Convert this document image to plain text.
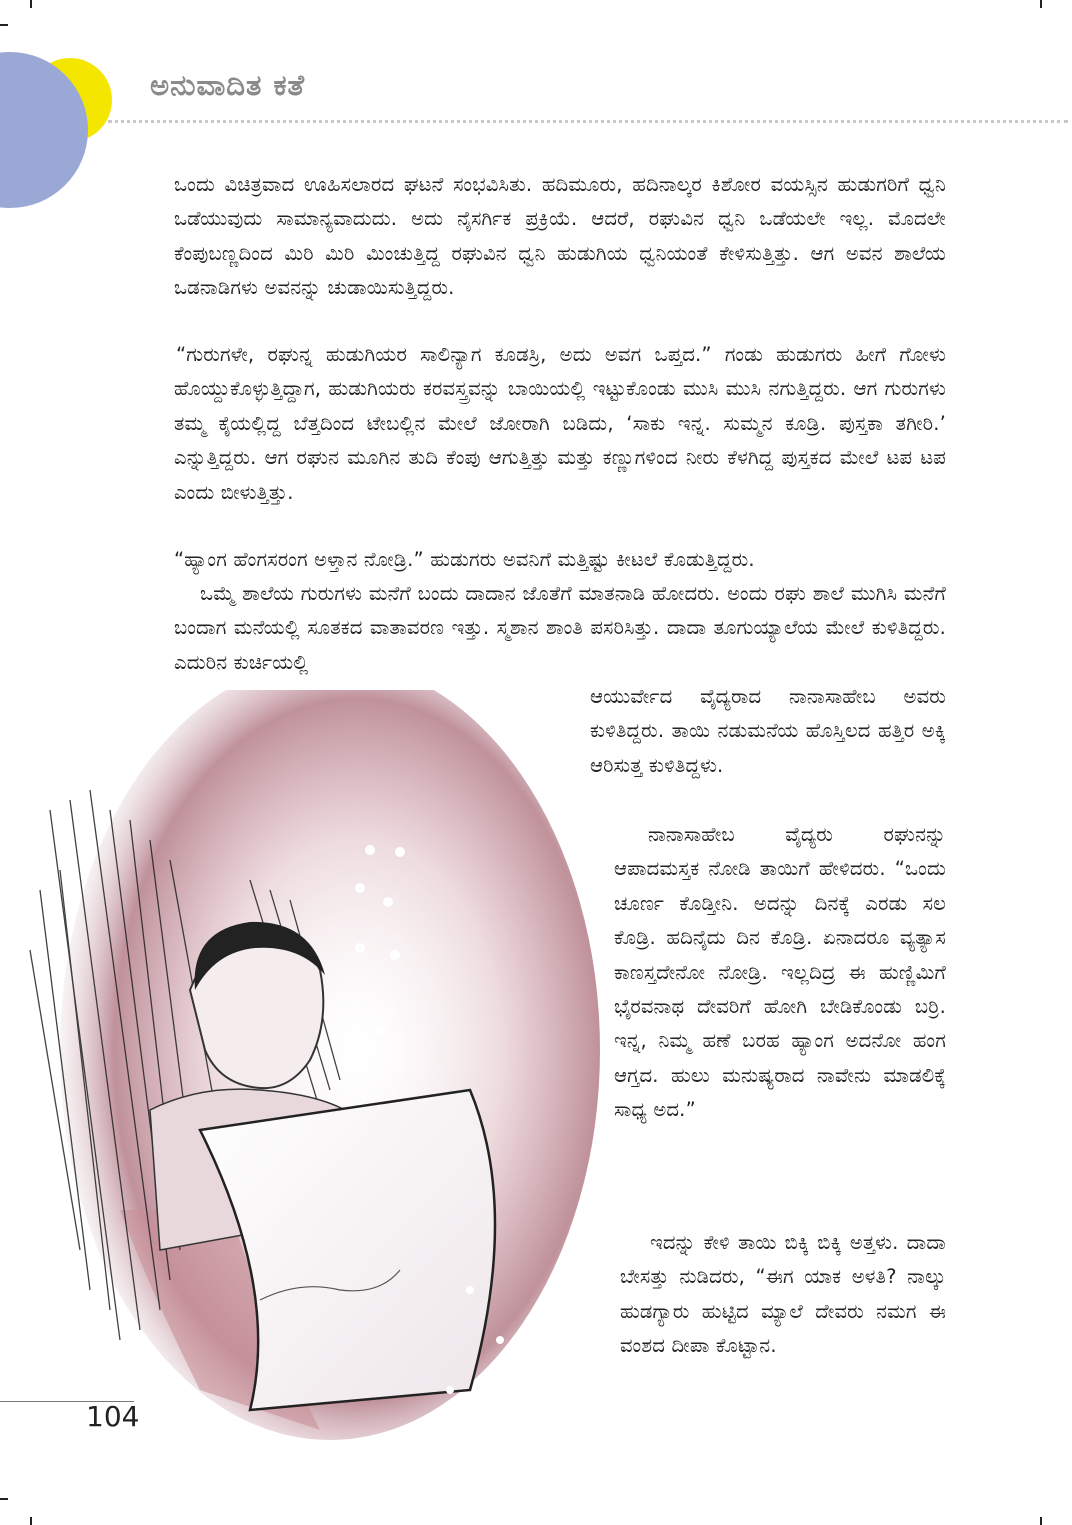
ಅನುವಾದಿತ ಕತೆ

ಒಂದು ವಿಚಿತ್ರವಾದ ಊಹಿಸಲಾರದ ಘಟನೆ ಸಂಭವಿಸಿತು. ಹದಿಮೂರು, ಹದಿನಾಲ್ಕರ ಕಿಶೋರ ವಯಸ್ಸಿನ ಹುಡುಗರಿಗೆ ಧ್ವನಿ ಒಡೆಯುವುದು ಸಾಮಾನ್ಯವಾದುದು. ಅದು ನೈಸರ್ಗಿಕ ಪ್ರಕ್ರಿಯೆ. ಆದರೆ, ರಘುವಿನ ಧ್ವನಿ ಒಡೆಯಲೇ ಇಲ್ಲ. ಮೊದಲೇ ಕೆಂಪುಬಣ್ಣದಿಂದ ಮಿರಿ ಮಿರಿ ಮಿಂಚುತ್ತಿದ್ದ ರಘುವಿನ ಧ್ವನಿ ಹುಡುಗಿಯ ಧ್ವನಿಯಂತೆ ಕೇಳಿಸುತ್ತಿತ್ತು. ಆಗ ಅವನ ಶಾಲೆಯ ಒಡನಾಡಿಗಳು ಅವನನ್ನು ಚುಡಾಯಿಸುತ್ತಿದ್ದರು.

“ಗುರುಗಳೇ, ರಘುನ್ನ ಹುಡುಗಿಯರ ಸಾಲಿನ್ಯಾಗ ಕೂಡಸ್ರಿ, ಅದು ಅವಗ ಒಪ್ತದ.” ಗಂಡು ಹುಡುಗರು ಹೀಗೆ ಗೋಳು ಹೊಯ್ದುಕೊಳ್ಳುತ್ತಿದ್ದಾಗ, ಹುಡುಗಿಯರು ಕರವಸ್ತ್ರವನ್ನು ಬಾಯಿಯಲ್ಲಿ ಇಟ್ಟುಕೊಂಡು ಮುಸಿ ಮುಸಿ ನಗುತ್ತಿದ್ದರು. ಆಗ ಗುರುಗಳು ತಮ್ಮ ಕೈಯಲ್ಲಿದ್ದ ಬೆತ್ತದಿಂದ ಟೇಬಲ್ಲಿನ ಮೇಲೆ ಜೋರಾಗಿ ಬಡಿದು, ‘ಸಾಕು ಇನ್ನ. ಸುಮ್ಮನ ಕೂಡ್ರಿ. ಪುಸ್ತಕಾ ತಗೀರಿ.’ ಎನ್ನುತ್ತಿದ್ದರು. ಆಗ ರಘುನ ಮೂಗಿನ ತುದಿ ಕೆಂಪು ಆಗುತ್ತಿತ್ತು ಮತ್ತು ಕಣ್ಣುಗಳಿಂದ ನೀರು ಕೆಳಗಿದ್ದ ಪುಸ್ತಕದ ಮೇಲೆ ಟಪ ಟಪ ಎಂದು ಬೀಳುತ್ತಿತ್ತು.

“ಹ್ಯಾಂಗ ಹೆಂಗಸರಂಗ ಅಳ್ತಾನ ನೋಡ್ರಿ.” ಹುಡುಗರು ಅವನಿಗೆ ಮತ್ತಿಷ್ಟು ಕೀಟಲೆ ಕೊಡುತ್ತಿದ್ದರು.

ಒಮ್ಮೆ ಶಾಲೆಯ ಗುರುಗಳು ಮನೆಗೆ ಬಂದು ದಾದಾನ ಜೊತೆಗೆ ಮಾತನಾಡಿ ಹೋದರು. ಅಂದು ರಘು ಶಾಲೆ ಮುಗಿಸಿ ಮನೆಗೆ ಬಂದಾಗ ಮನೆಯಲ್ಲಿ ಸೂತಕದ ವಾತಾವರಣ ಇತ್ತು. ಸ್ಮಶಾನ ಶಾಂತಿ ಪಸರಿಸಿತ್ತು. ದಾದಾ ತೂಗುಯ್ಯಾಲೆಯ ಮೇಲೆ ಕುಳಿತಿದ್ದರು. ಎದುರಿನ ಕುರ್ಚಿಯಲ್ಲಿ

ಆಯುರ್ವೇದ ವೈದ್ಯರಾದ ನಾನಾಸಾಹೇಬ ಅವರು ಕುಳಿತಿದ್ದರು. ತಾಯಿ ನಡುಮನೆಯ ಹೊಸ್ತಿಲದ ಹತ್ತಿರ ಅಕ್ಕಿ ಆರಿಸುತ್ತ ಕುಳಿತಿದ್ದಳು.

ನಾನಾಸಾಹೇಬ ವೈದ್ಯರು ರಘುನನ್ನು ಆಪಾದಮಸ್ತಕ ನೋಡಿ ತಾಯಿಗೆ ಹೇಳಿದರು. “ಒಂದು ಚೂರ್ಣ ಕೊಡ್ತೀನಿ. ಅದನ್ನು ದಿನಕ್ಕೆ ಎರಡು ಸಲ ಕೊಡ್ರಿ. ಹದಿನೈದು ದಿನ ಕೊಡ್ರಿ. ಏನಾದರೂ ವ್ಯತ್ಯಾಸ ಕಾಣಸ್ತದೇನೋ ನೋಡ್ರಿ. ಇಲ್ಲದಿದ್ರ ಈ ಹುಣ್ಣಿಮಿಗೆ ಭೈರವನಾಥ ದೇವರಿಗೆ ಹೋಗಿ ಬೇಡಿಕೊಂಡು ಬರ್ರಿ. ಇನ್ನ, ನಿಮ್ಮ ಹಣೆ ಬರಹ ಹ್ಯಾಂಗ ಅದನೋ ಹಂಗ ಆಗ್ತದ. ಹುಲು ಮನುಷ್ಯರಾದ ನಾವೇನು ಮಾಡಲಿಕ್ಕೆ ಸಾಧ್ಯ ಅದ.”

ಇದನ್ನು ಕೇಳಿ ತಾಯಿ ಬಿಕ್ಕಿ ಬಿಕ್ಕಿ ಅತ್ತಳು. ದಾದಾ ಬೇಸತ್ತು ನುಡಿದರು, “ಈಗ ಯಾಕ ಅಳತಿ? ನಾಲ್ಕು ಹುಡಗ್ಯಾರು ಹುಟ್ಟಿದ ಮ್ಯಾಲೆ ದೇವರು ನಮಗ ಈ ವಂಶದ ದೀಪಾ ಕೊಟ್ಟಾನ.

104
